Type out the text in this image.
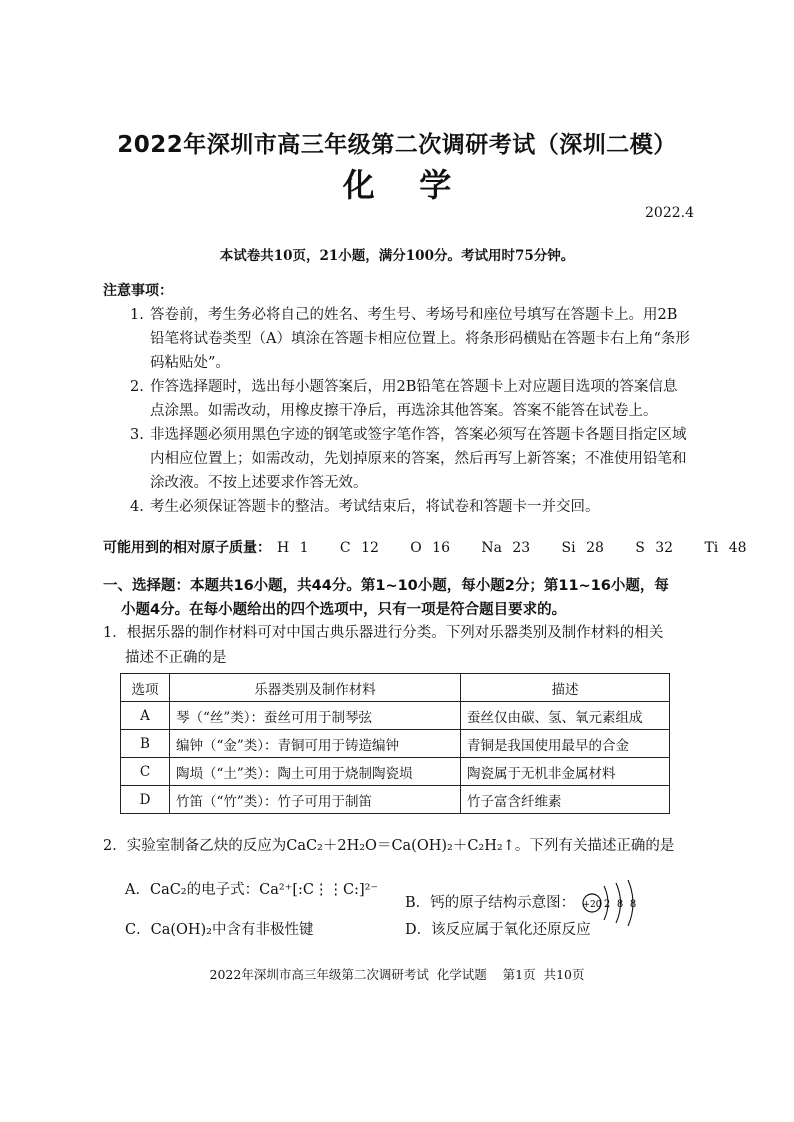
2022年深圳市高三年级第二次调研考试（深圳二模）
化    学
2022.4
本试卷共10页，21小题，满分100分。考试用时75分钟。
注意事项：

1. 答卷前，考生务必将自己的姓名、考生号、考场号和座位号填写在答题卡上。用2B铅笔将试卷类型（A）填涂在答题卡相应位置上。将条形码横贴在答题卡右上角“条形码粘贴处”。

2. 作答选择题时，选出每小题答案后，用2B铅笔在答题卡上对应题目选项的答案信息点涂黑。如需改动，用橡皮擦干净后，再选涂其他答案。答案不能答在试卷上。

3. 非选择题必须用黑色字迹的钢笔或签字笔作答，答案必须写在答题卡各题目指定区域内相应位置上；如需改动，先划掉原来的答案，然后再写上新答案；不准使用铅笔和涂改液。不按上述要求作答无效。

4. 考生必须保证答题卡的整洁。考试结束后，将试卷和答题卡一并交回。

可能用到的相对原子质量： H 1   C 12   O 16   Na 23   Si 28   S 32   Ti 48
一、选择题：本题共16小题，共44分。第1~10小题，每小题2分；第11~16小题，每
小题4分。在每小题给出的四个选项中，只有一项是符合题目要求的。
1．根据乐器的制作材料可对中国古典乐器进行分类。下列对乐器类别及制作材料的相关
描述不正确的是
选项	乐器类别及制作材料	描述
A	琴（“丝”类）：蚕丝可用于制琴弦	蚕丝仅由碳、氢、氧元素组成
B	编钟（“金”类）：青铜可用于铸造编钟	青铜是我国使用最早的合金
C	陶埙（“土”类）：陶土可用于烧制陶瓷埙	陶瓷属于无机非金属材料
D	竹笛（“竹”类）：竹子可用于制笛	竹子富含纤维素
2．实验室制备乙炔的反应为CaC₂＋2H₂O＝Ca(OH)₂＋C₂H₂↑。下列有关描述正确的是
A．CaC₂的电子式：Ca²⁺[:C⋮⋮C:]²⁻
B．钙的原子结构示意图： +20 2 8 8
C．Ca(OH)₂中含有非极性键	D．该反应属于氧化还原反应
2022年深圳市高三年级第二次调研考试  化学试题    第1页  共10页
